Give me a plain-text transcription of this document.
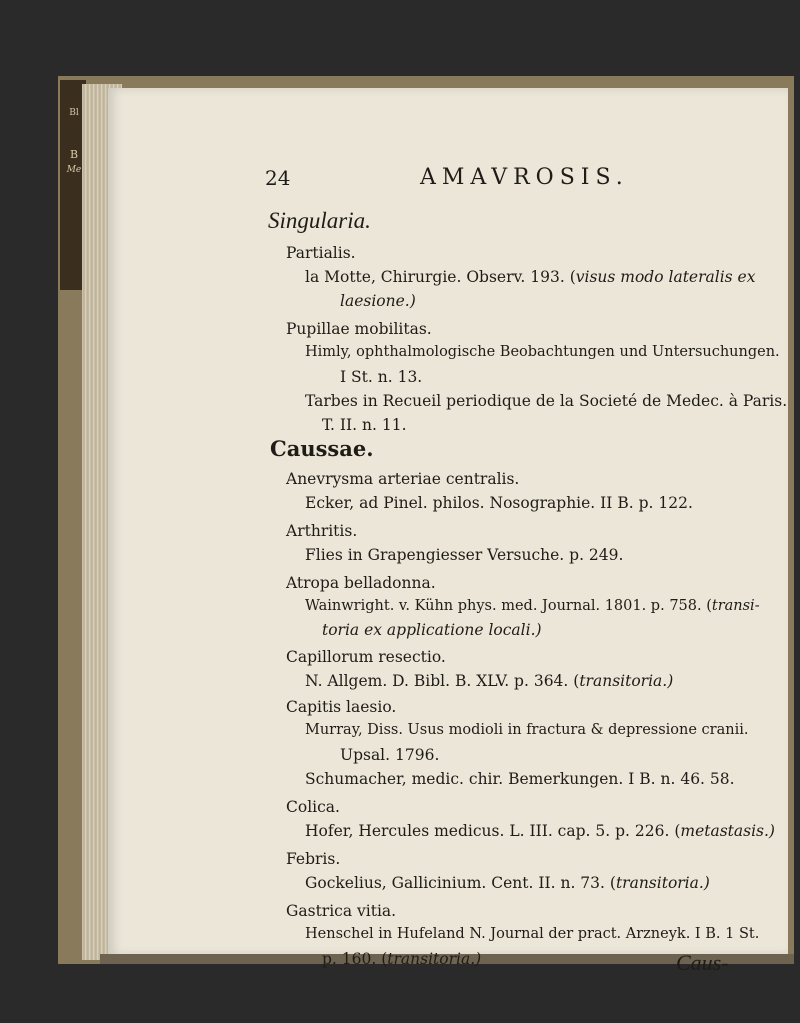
Bl
B
Me	24	AMAVROSIS.
Singularia.
Partialis.
la Motte, Chirurgie. Observ. 193. (visus modo lateralis ex
laesione.)
Pupillae mobilitas.
Himly, ophthalmologische Beobachtungen und Untersuchungen.
I St. n. 13.
Tarbes in Recueil periodique de la Societé de Medec. à Paris.
T. II. n. 11.
Caussae.
Anevrysma arteriae centralis.
Ecker, ad Pinel. philos. Nosographie. II B. p. 122.
Arthritis.
Flies in Grapengiesser Versuche. p. 249.
Atropa belladonna.
Wainwright. v. Kühn phys. med. Journal. 1801. p. 758. (transi-
toria ex applicatione locali.)
Capillorum resectio.
N. Allgem. D. Bibl. B. XLV. p. 364. (transitoria.)
Capitis laesio.
Murray, Diss. Usus modioli in fractura & depressione cranii.
Upsal. 1796.
Schumacher, medic. chir. Bemerkungen. I B. n. 46. 58.
Colica.
Hofer, Hercules medicus. L. III. cap. 5. p. 226. (metastasis.)
Febris.
Gockelius, Gallicinium. Cent. II. n. 73. (transitoria.)
Gastrica vitia.
Henschel in Hufeland N. Journal der pract. Arzneyk. I B. 1 St.
p. 160. (transitoria.)	Caus-
